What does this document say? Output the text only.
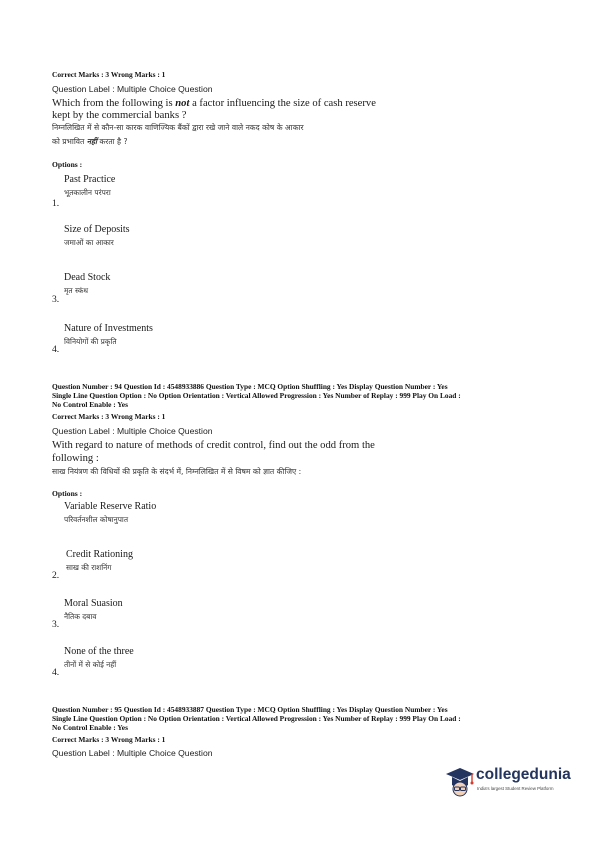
Correct Marks : 3 Wrong Marks : 1
Question Label : Multiple Choice Question
Which from the following is not a factor influencing the size of cash reserve
kept by the commercial banks ?
निम्नलिखित में से कौन-सा कारक वाणिज्यिक बैंकों द्वारा रखे जाने वाले नकद कोष के आकार
को प्रभावित नहीं करता है ?
Options :
Past Practice
भूतकालीन परंपरा
1.
Size of Deposits
जमाओं का आकार
Dead Stock
मृत स्कंध
3.
Nature of Investments
विनियोगों की प्रकृति
4.
Question Number : 94 Question Id : 4548933886 Question Type : MCQ Option Shuffling : Yes Display Question Number : Yes
Single Line Question Option : No Option Orientation : Vertical Allowed Progression : Yes Number of Replay : 999 Play On Load :
No Control Enable : Yes
Correct Marks : 3 Wrong Marks : 1
Question Label : Multiple Choice Question
With regard to nature of methods of credit control, find out the odd from the
following :
साख नियंत्रण की विधियों की प्रकृति के संदर्भ में, निम्नलिखित में से विषम को ज्ञात कीजिए :
Options :
Variable Reserve Ratio
परिवर्तनशील कोषानुपात
Credit Rationing
साख की राशनिंग
2.
Moral Suasion
नैतिक दबाव
3.
None of the three
तीनों में से कोई नहीं
4.
Question Number : 95 Question Id : 4548933887 Question Type : MCQ Option Shuffling : Yes Display Question Number : Yes
Single Line Question Option : No Option Orientation : Vertical Allowed Progression : Yes Number of Replay : 999 Play On Load :
No Control Enable : Yes
Correct Marks : 3 Wrong Marks : 1
Question Label : Multiple Choice Question
collegedunia
India's largest Student Review Platform
